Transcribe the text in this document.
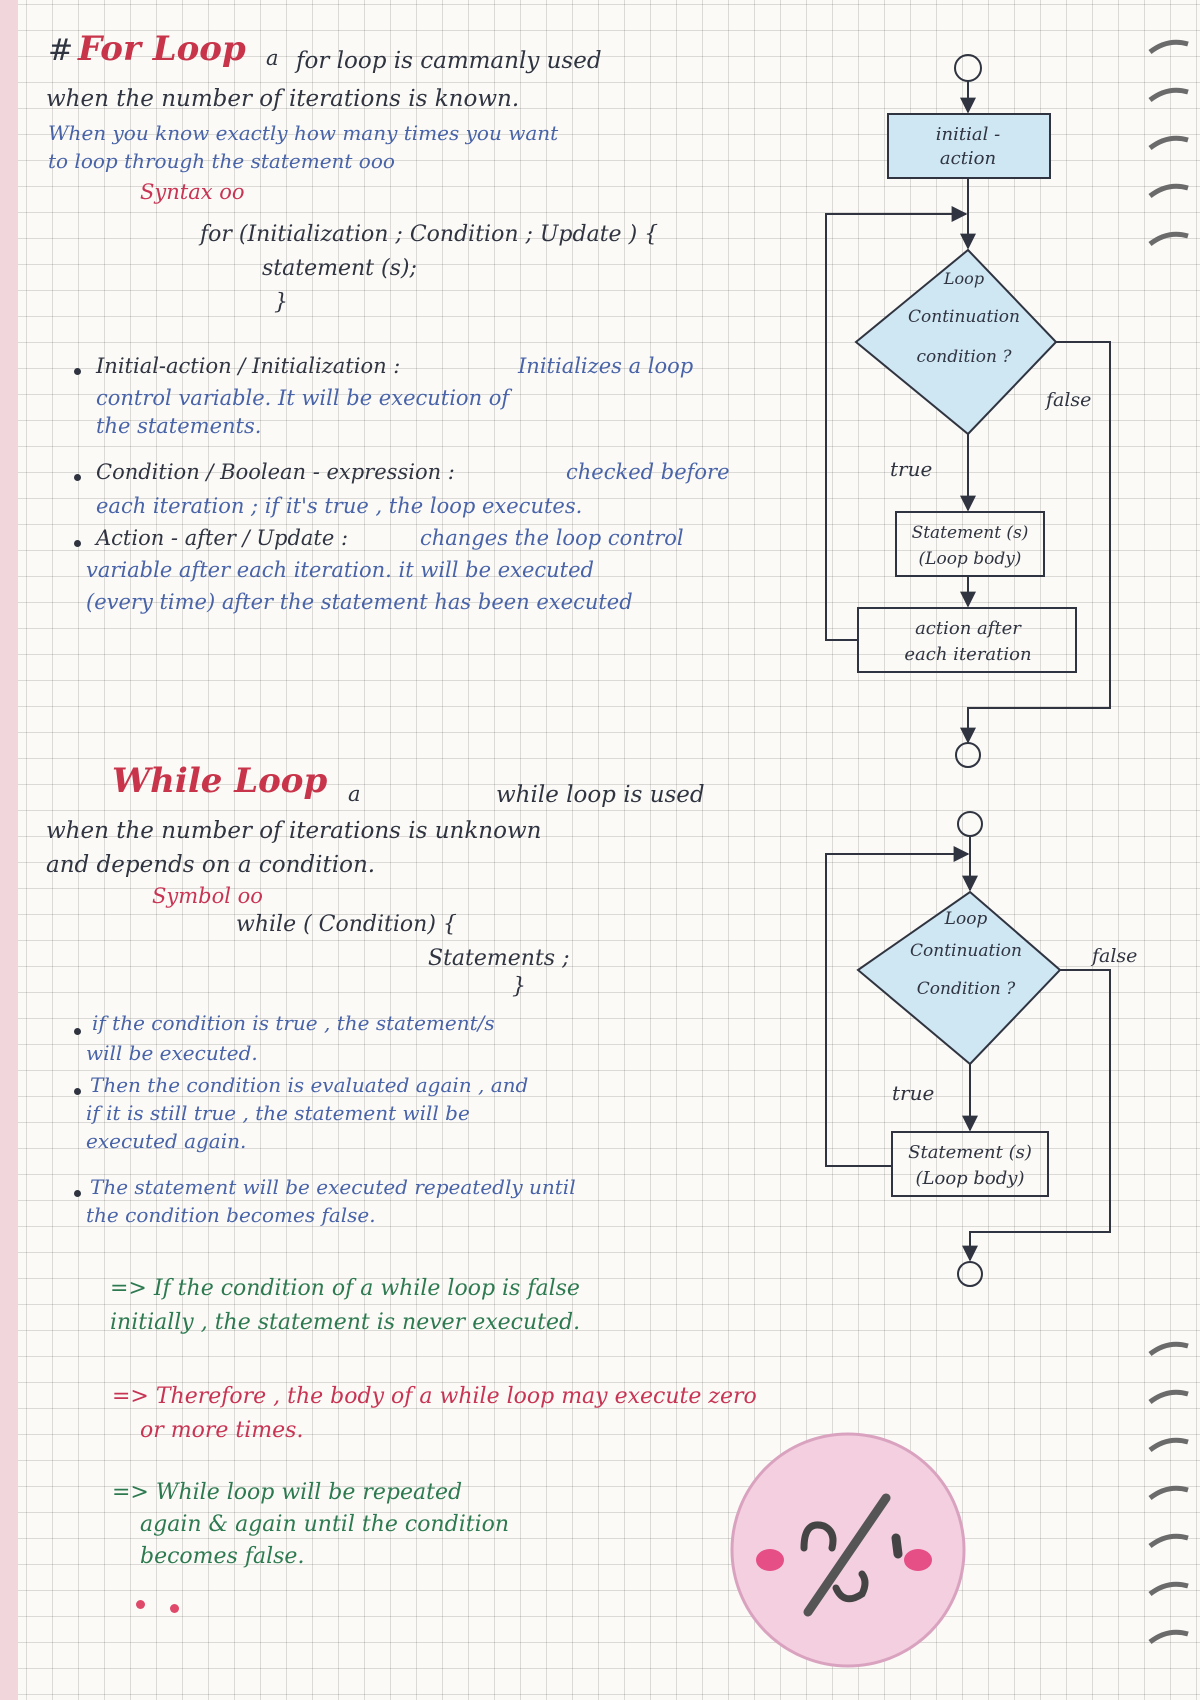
# For Loop a for loop is cammanly used
when the number of iterations is known.
When you know exactly how many times you want
to loop through the statement ooo
Syntax oo
for (Initialization ; Condition ; Update ) {
statement (s);
}
Initial-action / Initialization :	Initializes a loop
control variable. It will be execution of
the statements.
Condition / Boolean - expression :	checked before
each iteration ; if it's true , the loop executes.
Action - after / Update :	changes the loop control
variable after each iteration. it will be executed
(every time) after the statement has been executed
While Loop a	while loop is used
when the number of iterations is unknown
and depends on a condition.
Symbol oo
while ( Condition) {
Statements ;
}
if the condition is true , the statement/s
will be executed.
Then the condition is evaluated again , and
if it is still true , the statement will be
executed again.
The statement will be executed repeatedly until
the condition becomes false.
=> If the condition of a while loop is false
initially , the statement is never executed.
=> Therefore , the body of a while loop may execute zero
or more times.
=> While loop will be repeated
again & again until the condition
becomes false.
initial -
action
Loop
Continuation
condition ?
true
false
Statement (s)
(Loop body)
action after
each iteration
Loop
Continuation
Condition ?
true
false
Statement (s)
(Loop body)
